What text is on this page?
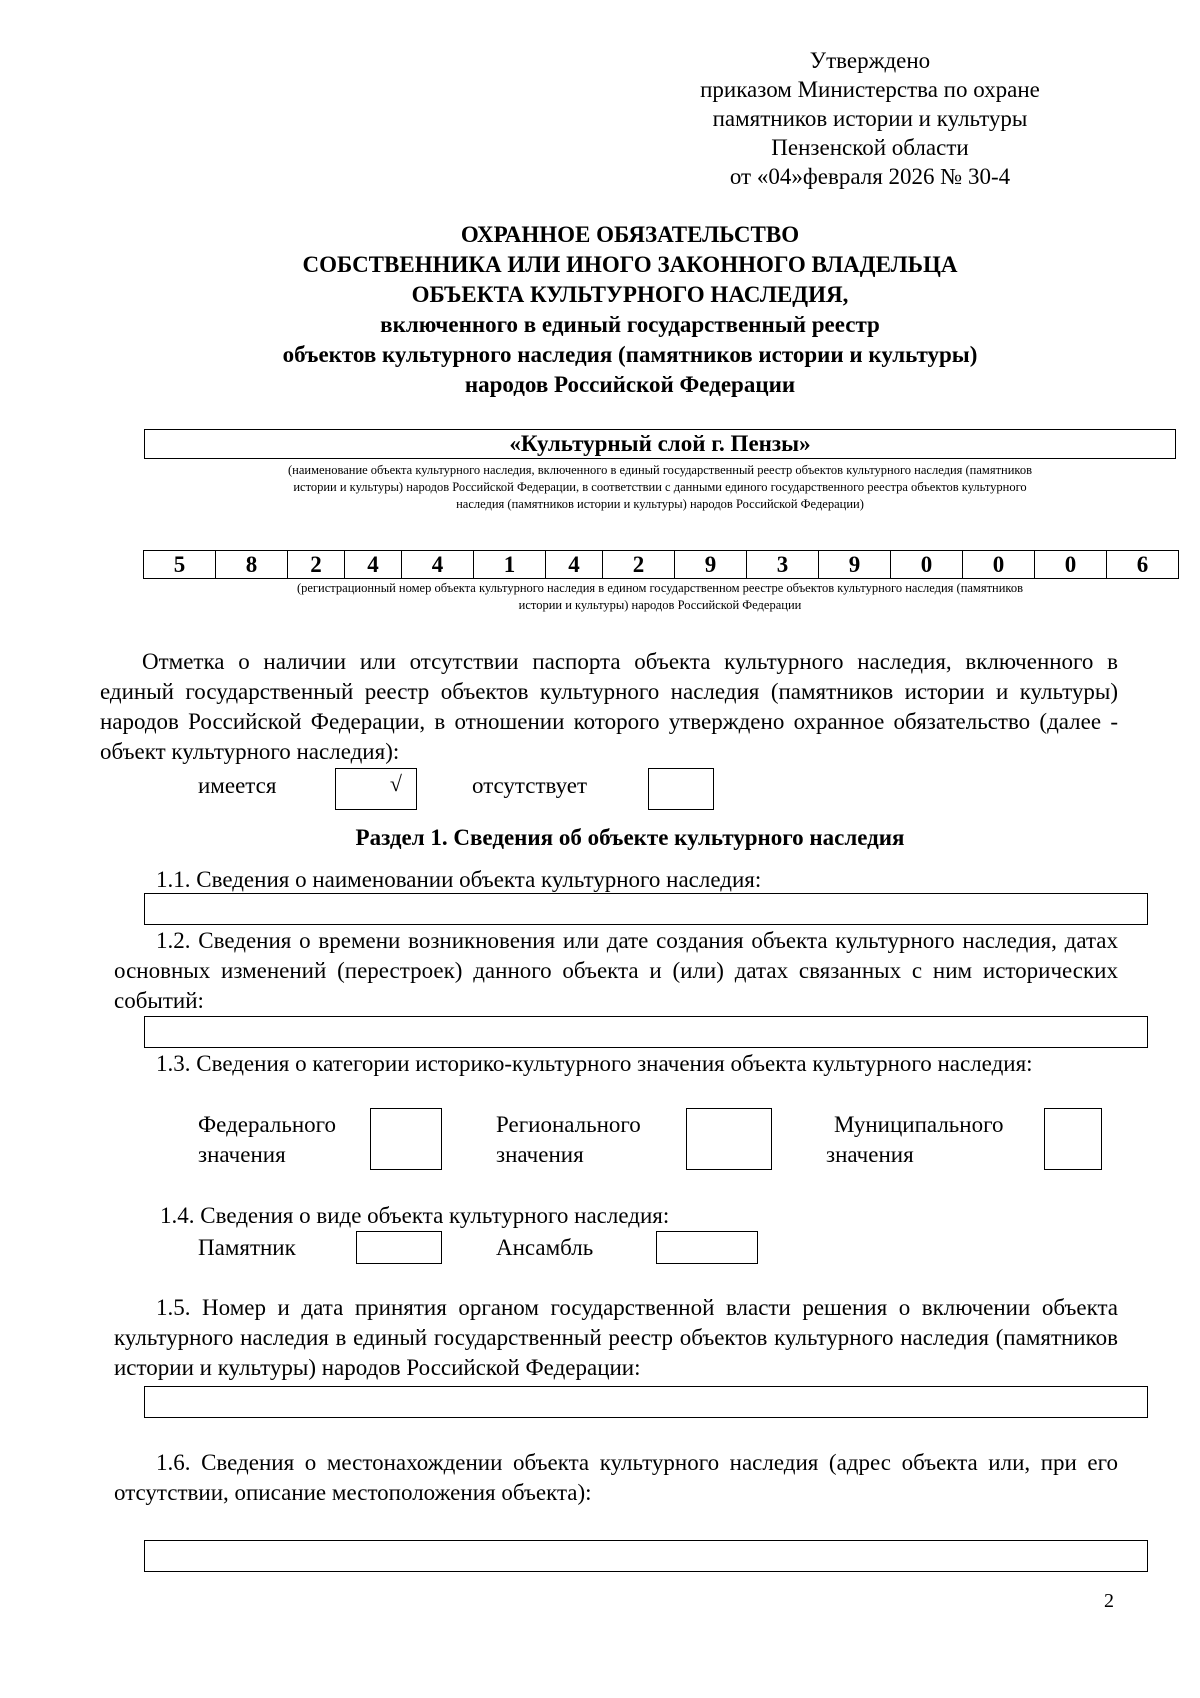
Утверждено
приказом Министерства по охране
памятников истории и культуры
Пензенской области
от «04»февраля 2026 № 30-4
ОХРАННОЕ ОБЯЗАТЕЛЬСТВО
СОБСТВЕННИКА ИЛИ ИНОГО ЗАКОННОГО ВЛАДЕЛЬЦА
ОБЪЕКТА КУЛЬТУРНОГО НАСЛЕДИЯ,
включенного в единый государственный реестр
объектов культурного наследия (памятников истории и культуры)
народов Российской Федерации
«Культурный слой г. Пензы»
(наименование объекта культурного наследия, включенного в единый государственный реестр объектов культурного наследия (памятников
истории и культуры) народов Российской Федерации, в соответствии с данными единого государственного реестра объектов культурного
наследия (памятников истории и культуры) народов Российской Федерации)
5	8	2	4	4	1	4	2	9	3	9	0	0	0	6
(регистрационный номер объекта культурного наследия в едином государственном реестре объектов культурного наследия (памятников
истории и культуры) народов Российской Федерации
Отметка о наличии или отсутствии паспорта объекта культурного наследия, включенного в единый государственный реестр объектов культурного наследия (памятников истории и культуры) народов Российской Федерации, в отношении которого утверждено охранное обязательство (далее - объект культурного наследия):
имеется	√	отсутствует
Раздел 1. Сведения об объекте культурного наследия
1.1. Сведения о наименовании объекта культурного наследия:
1.2. Сведения о времени возникновения или дате создания объекта культурного наследия, датах основных изменений (перестроек) данного объекта и (или) датах связанных с ним исторических событий:
1.3. Сведения о категории историко-культурного значения объекта культурного наследия:
Федерального
значения
Регионального
значения
Муниципального
значения
1.4. Сведения о виде объекта культурного наследия:
Памятник	Ансамбль
1.5. Номер и дата принятия органом государственной власти решения о включении объекта культурного наследия в единый государственный реестр объектов культурного наследия (памятников истории и культуры) народов Российской Федерации:
1.6. Сведения о местонахождении объекта культурного наследия (адрес объекта или, при его отсутствии, описание местоположения объекта):
2
